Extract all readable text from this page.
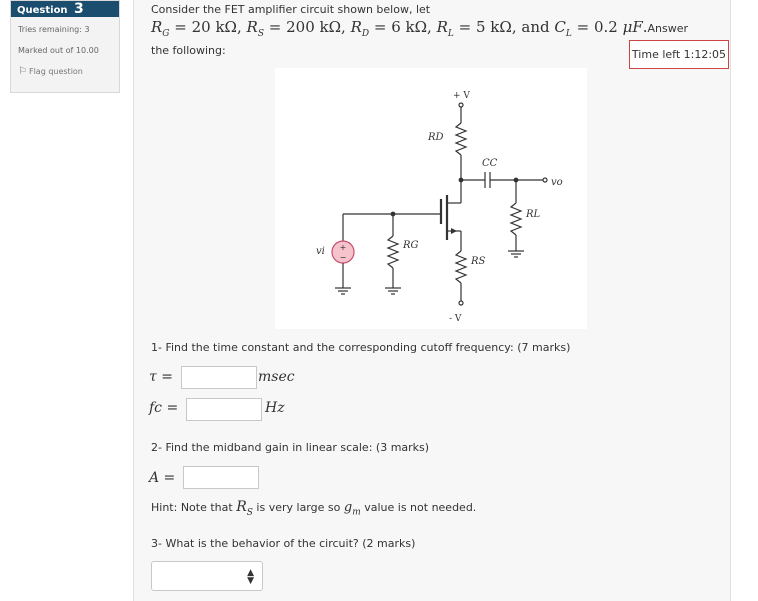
Question 3
Tries remaining: 3
Marked out of 10.00
⚐ Flag question
Consider the FET amplifier circuit shown below, let
$R_G = 20$ kΩ, $R_S = 200$ kΩ, $R_D = 6$ kΩ, $R_L = 5$ kΩ, and $C_L = 0.2$ μF.Answer
the following:	Time left 1:12:05
+
−
+ V
- V
RD
CC
vo
RL
RG
RS
vi
1- Find the time constant and the corresponding cutoff frequency: (7 marks)
τ =	msec
fc =	Hz
2- Find the midband gain in linear scale: (3 marks)
A =
Hint: Note that $R_S$ is very large so $g_m$ value is not needed.
3- What is the behavior of the circuit? (2 marks)
▲
▼
